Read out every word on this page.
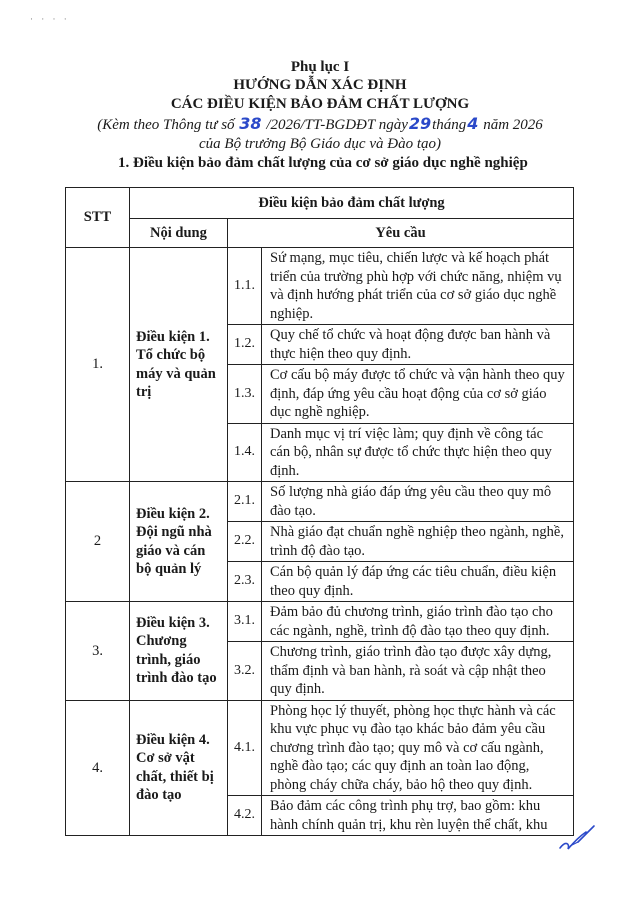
· · · ·
Phụ lục I
HƯỚNG DẪN XÁC ĐỊNH
CÁC ĐIỀU KIỆN BẢO ĐẢM CHẤT LƯỢNG
(Kèm theo Thông tư số 38 /2026/TT-BGDĐT ngày29tháng4 năm 2026
của Bộ trưởng Bộ Giáo dục và Đào tạo)
1. Điều kiện bảo đảm chất lượng của cơ sở giáo dục nghề nghiệp
STT	Điều kiện bảo đảm chất lượng		
	Nội dung	Yêu cầu	
1.	Điều kiện 1. Tổ chức bộ máy và quản trị	1.1.	Sứ mạng, mục tiêu, chiến lược và kế hoạch phát triển của trường phù hợp với chức năng, nhiệm vụ và định hướng phát triển của cơ sở giáo dục nghề nghiệp.
		1.2.	Quy chế tổ chức và hoạt động được ban hành và thực hiện theo quy định.
		1.3.	Cơ cấu bộ máy được tổ chức và vận hành theo quy định, đáp ứng yêu cầu hoạt động của cơ sở giáo dục nghề nghiệp.
		1.4.	Danh mục vị trí việc làm; quy định về công tác cán bộ, nhân sự được tổ chức thực hiện theo quy định.
2	Điều kiện 2. Đội ngũ nhà giáo và cán bộ quản lý	2.1.	Số lượng nhà giáo đáp ứng yêu cầu theo quy mô đào tạo.
		2.2.	Nhà giáo đạt chuẩn nghề nghiệp theo ngành, nghề, trình độ đào tạo.
		2.3.	Cán bộ quản lý đáp ứng các tiêu chuẩn, điều kiện theo quy định.
3.	Điều kiện 3. Chương trình, giáo trình đào tạo	3.1.	Đảm bảo đủ chương trình, giáo trình đào tạo cho các ngành, nghề, trình độ đào tạo theo quy định.
		3.2.	Chương trình, giáo trình đào tạo được xây dựng, thẩm định và ban hành, rà soát và cập nhật theo quy định.
4.	Điều kiện 4. Cơ sở vật chất, thiết bị đào tạo	4.1.	Phòng học lý thuyết, phòng học thực hành và các khu vực phục vụ đào tạo khác bảo đảm yêu cầu chương trình đào tạo; quy mô và cơ cấu ngành, nghề đào tạo; các quy định an toàn lao động, phòng cháy chữa cháy, bảo hộ theo quy định.
		4.2.	Bảo đảm các công trình phụ trợ, bao gồm: khu hành chính quản trị, khu rèn luyện thể chất, khu
